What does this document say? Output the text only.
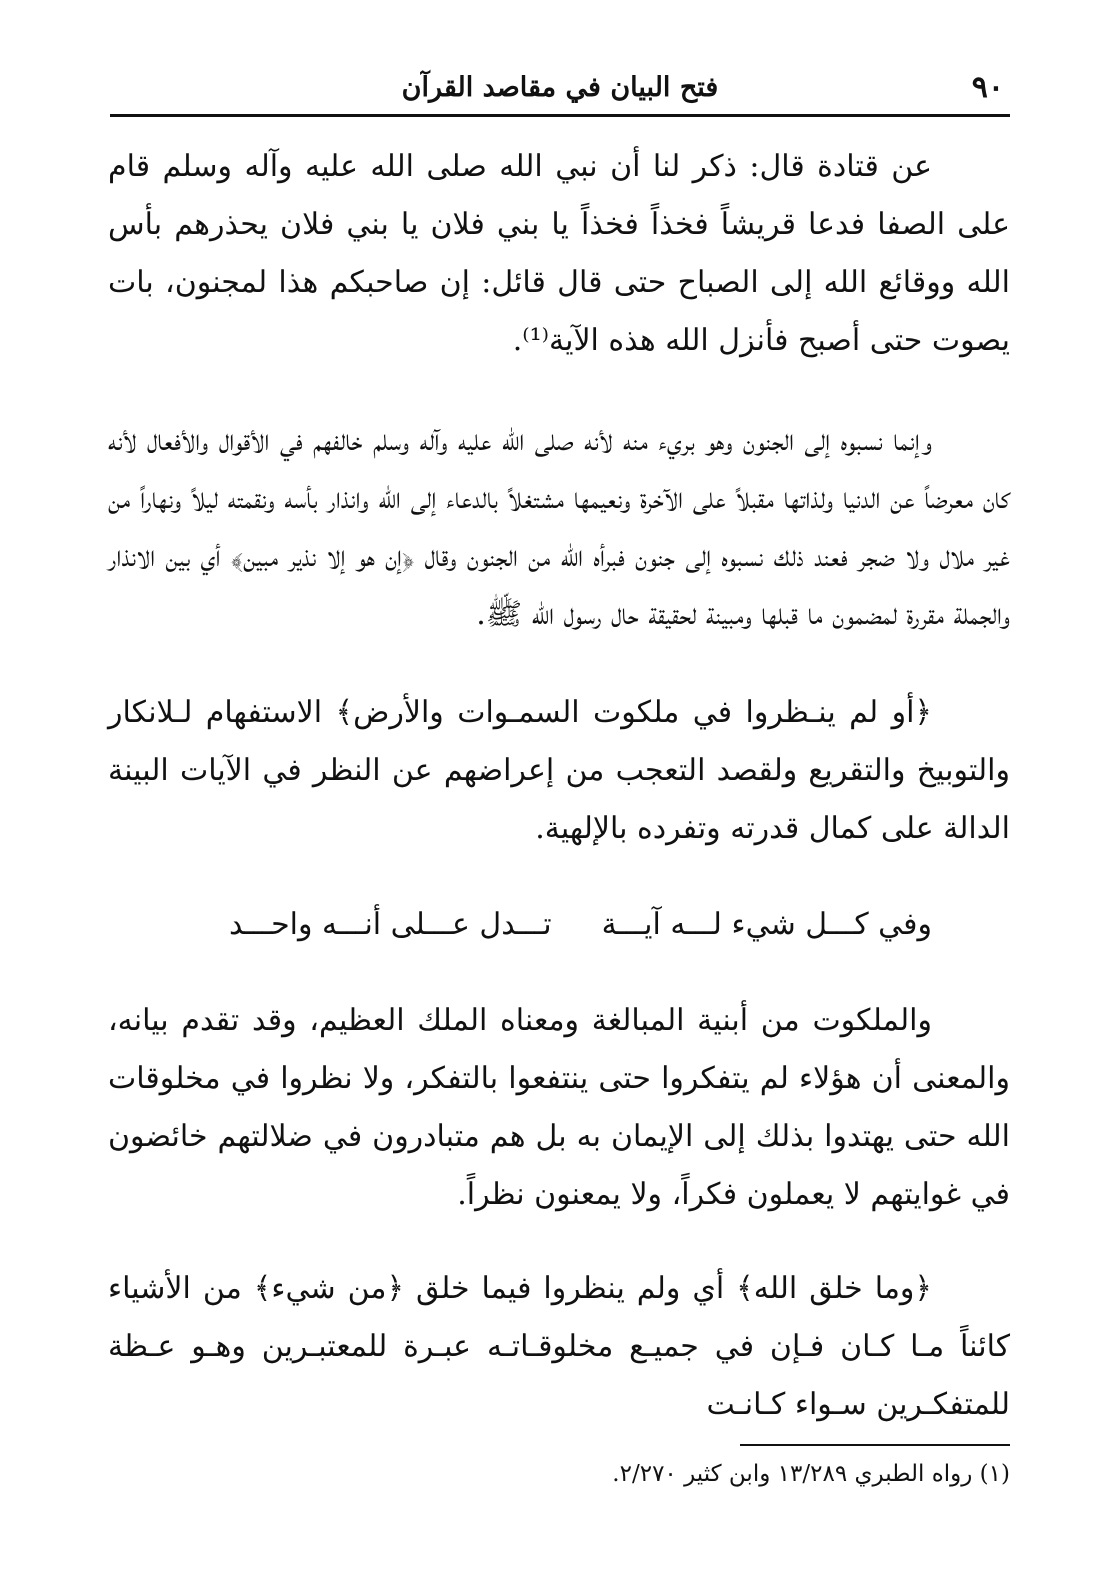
٩٠
فتح البيان في مقاصد القرآن

عن قتادة قال: ذكر لنا أن نبي الله صلى الله عليه وآله وسلم قام على الصفا فدعا قريشاً فخذاً فخذاً يا بني فلان يا بني فلان يحذرهم بأس الله ووقائع الله إلى الصباح حتى قال قائل: إن صاحبكم هذا لمجنون، بات يصوت حتى أصبح فأنزل الله هذه الآية⁽¹⁾.

وإنما نسبوه إلى الجنون وهو بريء منه لأنه صلى الله عليه وآله وسلم خالفهم في الأقوال والأفعال لأنه كان معرضاً عن الدنيا ولذاتها مقبلاً على الآخرة ونعيمها مشتغلاً بالدعاء إلى الله وانذار بأسه ونقمته ليلاً ونهاراً من غير ملال ولا ضجر فعند ذلك نسبوه إلى جنون فبرأه الله من الجنون وقال ﴿إن هو إلا نذير مبين﴾ أي بين الانذار والجملة مقررة لمضمون ما قبلها ومبينة لحقيقة حال رسول الله ﷺ.

﴿أو لم ينـظروا في ملكوت السمـوات والأرض﴾ الاستفهام لـلانكار والتوبيخ والتقريع ولقصد التعجب من إعراضهم عن النظر في الآيات البينة الدالة على كمال قدرته وتفرده بالإلهية.

وفي كـــل شيء لـــه آيـــة
تـــدل عـــلى أنـــه واحـــد

والملكوت من أبنية المبالغة ومعناه الملك العظيم، وقد تقدم بيانه، والمعنى أن هؤلاء لم يتفكروا حتى ينتفعوا بالتفكر، ولا نظروا في مخلوقات الله حتى يهتدوا بذلك إلى الإيمان به بل هم متبادرون في ضلالتهم خائضون في غوايتهم لا يعملون فكراً، ولا يمعنون نظراً.

﴿وما خلق الله﴾ أي ولم ينظروا فيما خلق ﴿من شيء﴾ من الأشياء كائناً مـا كـان فـإن في جميـع مخلوقـاتـه عبـرة للمعتبـرين وهـو عـظة للمتفكـرين سـواء كـانـت

(١) رواه الطبري ١٣/٢٨٩ وابن كثير ٢/٢٧٠.
